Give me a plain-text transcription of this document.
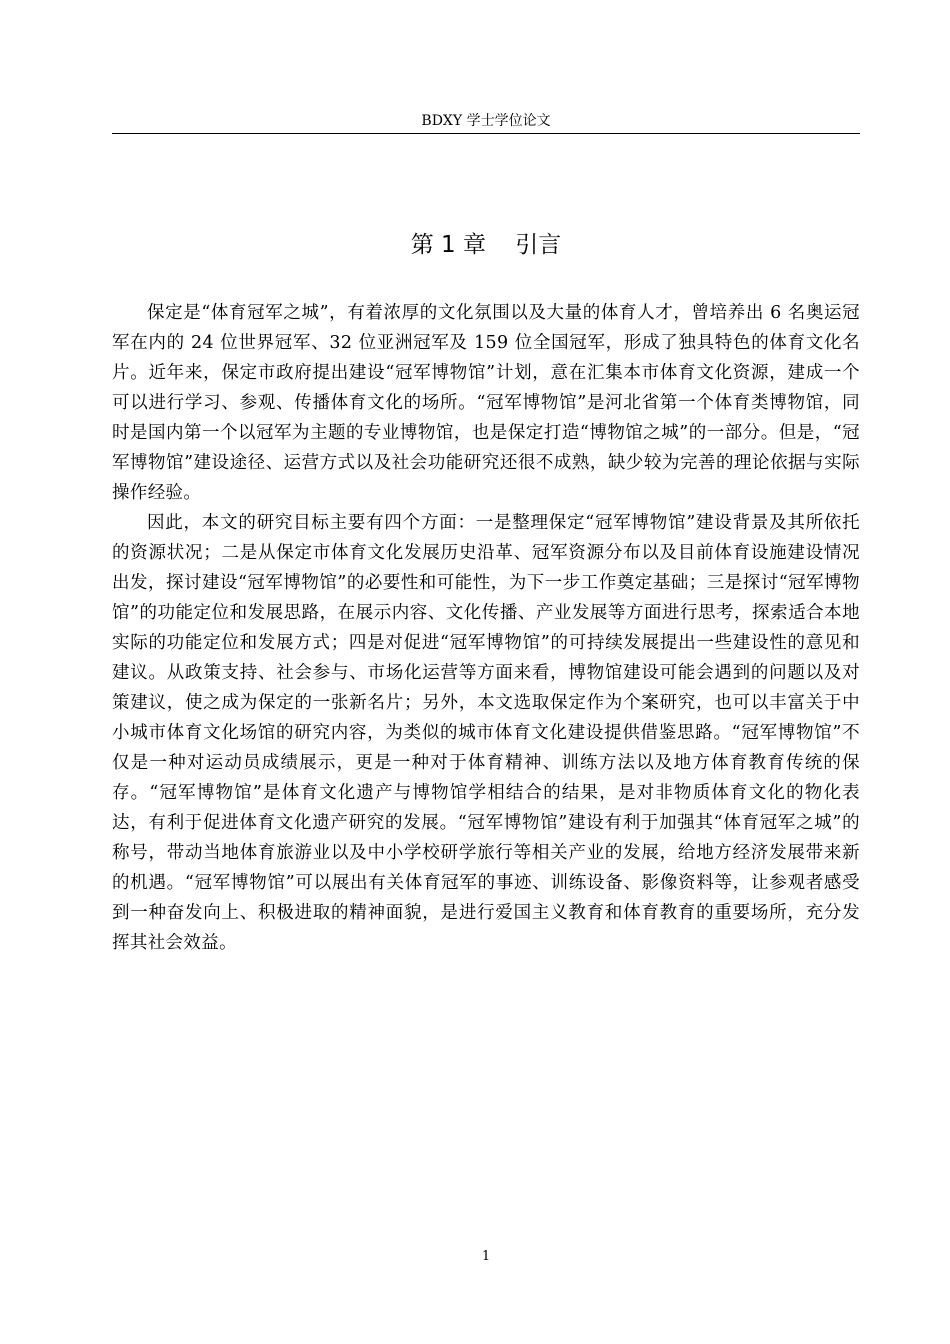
BDXY 学士学位论文
第 1 章    引言

保定是“体育冠军之城”，有着浓厚的文化氛围以及大量的体育人才，曾培养出 6 名奥运冠军在内的 24 位世界冠军、32 位亚洲冠军及 159 位全国冠军，形成了独具特色的体育文化名片。近年来，保定市政府提出建设“冠军博物馆”计划，意在汇集本市体育文化资源，建成一个可以进行学习、参观、传播体育文化的场所。“冠军博物馆”是河北省第一个体育类博物馆，同时是国内第一个以冠军为主题的专业博物馆，也是保定打造“博物馆之城”的一部分。但是，“冠军博物馆”建设途径、运营方式以及社会功能研究还很不成熟，缺少较为完善的理论依据与实际操作经验。

因此，本文的研究目标主要有四个方面：一是整理保定“冠军博物馆”建设背景及其所依托的资源状况；二是从保定市体育文化发展历史沿革、冠军资源分布以及目前体育设施建设情况出发，探讨建设“冠军博物馆”的必要性和可能性，为下一步工作奠定基础；三是探讨“冠军博物馆”的功能定位和发展思路，在展示内容、文化传播、产业发展等方面进行思考，探索适合本地实际的功能定位和发展方式；四是对促进“冠军博物馆”的可持续发展提出一些建设性的意见和建议。从政策支持、社会参与、市场化运营等方面来看，博物馆建设可能会遇到的问题以及对策建议，使之成为保定的一张新名片；另外，本文选取保定作为个案研究，也可以丰富关于中小城市体育文化场馆的研究内容，为类似的城市体育文化建设提供借鉴思路。“冠军博物馆”不仅是一种对运动员成绩展示，更是一种对于体育精神、训练方法以及地方体育教育传统的保存。“冠军博物馆”是体育文化遗产与博物馆学相结合的结果，是对非物质体育文化的物化表达，有利于促进体育文化遗产研究的发展。“冠军博物馆”建设有利于加强其“体育冠军之城”的称号，带动当地体育旅游业以及中小学校研学旅行等相关产业的发展，给地方经济发展带来新的机遇。“冠军博物馆”可以展出有关体育冠军的事迹、训练设备、影像资料等，让参观者感受到一种奋发向上、积极进取的精神面貌，是进行爱国主义教育和体育教育的重要场所，充分发挥其社会效益。

1
